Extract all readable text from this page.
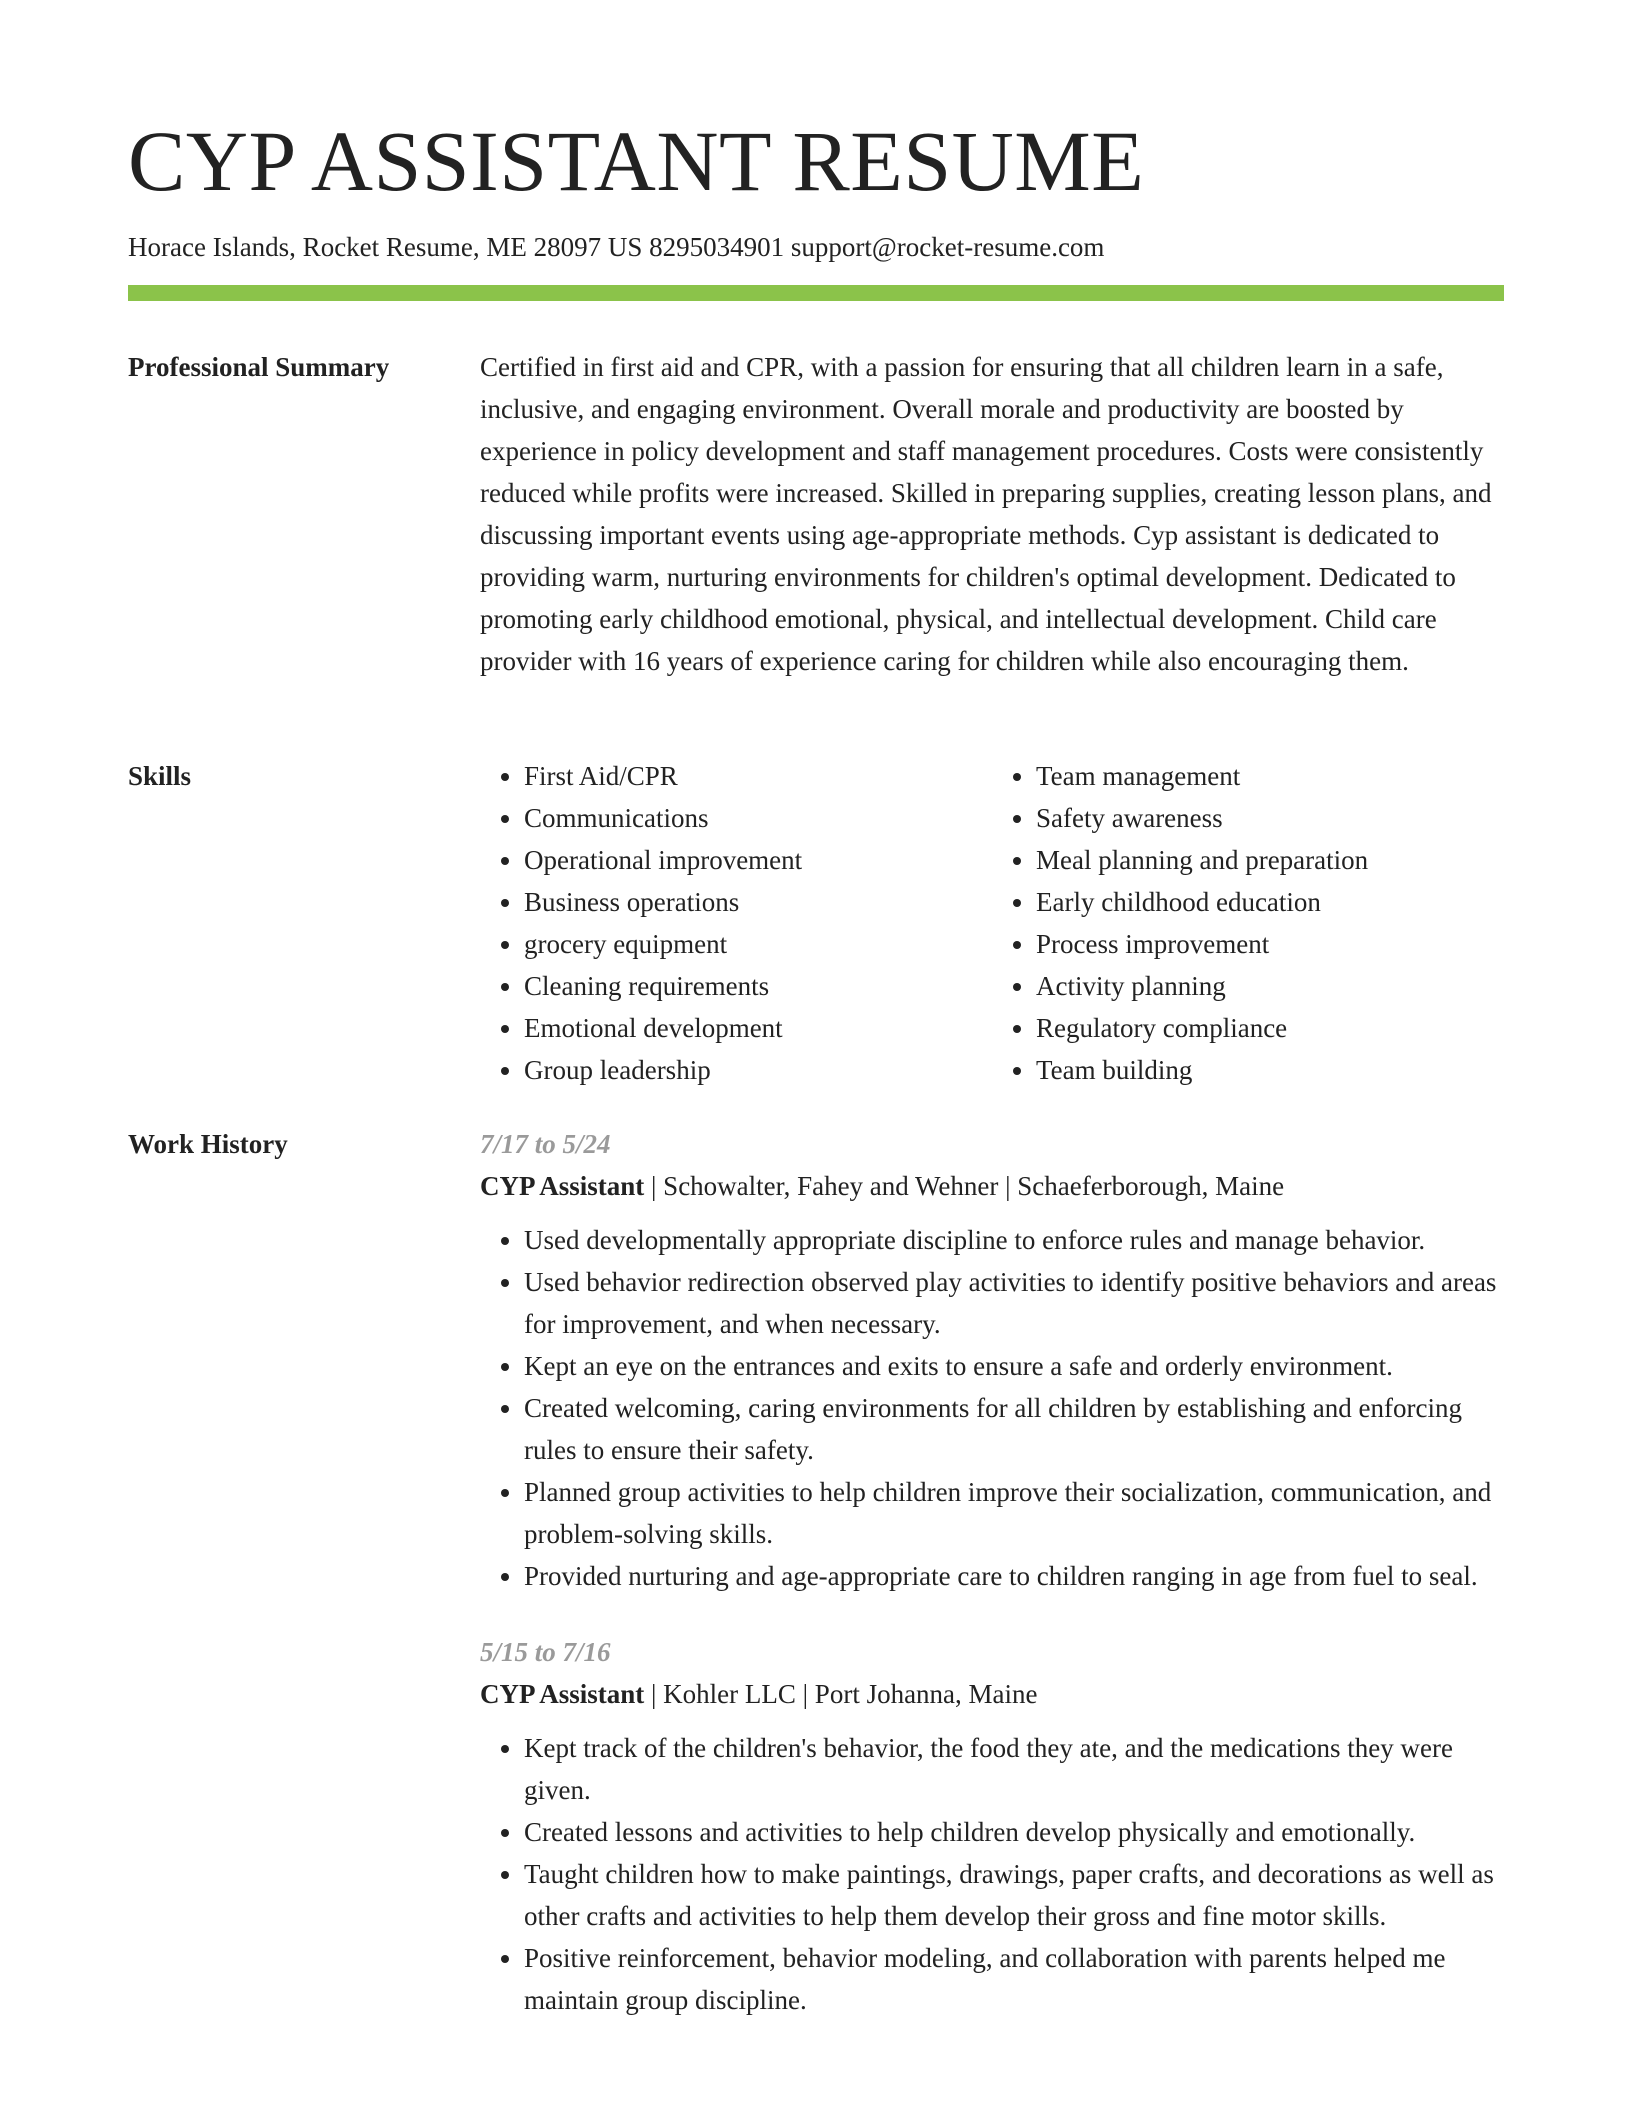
CYP ASSISTANT RESUME
Horace Islands, Rocket Resume, ME 28097 US 8295034901 support@rocket-resume.com
Professional Summary	Certified in first aid and CPR, with a passion for ensuring that all children learn in a safe, inclusive, and engaging environment. Overall morale and productivity are boosted by experience in policy development and staff management procedures. Costs were consistently reduced while profits were increased. Skilled in preparing supplies, creating lesson plans, and discussing important events using age-appropriate methods. Cyp assistant is dedicated to providing warm, nurturing environments for children's optimal development. Dedicated to promoting early childhood emotional, physical, and intellectual development. Child care provider with 16 years of experience caring for children while also encouraging them.

Skills
•	First Aid/CPR
• Communications
• Operational improvement
• Business operations
• grocery equipment
• Cleaning requirements
• Emotional development
• Group leadership
• Team management
• Safety awareness
• Meal planning and preparation
• Early childhood education
• Process improvement
• Activity planning
• Regulatory compliance
• Team building
Work History	7/17 to 5/24
CYP Assistant | Schowalter, Fahey and Wehner | Schaeferborough, Maine
• Used developmentally appropriate discipline to enforce rules and manage behavior.
• Used behavior redirection observed play activities to identify positive behaviors and areas for improvement, and when necessary.
• Kept an eye on the entrances and exits to ensure a safe and orderly environment.
• Created welcoming, caring environments for all children by establishing and enforcing rules to ensure their safety.
• Planned group activities to help children improve their socialization, communication, and problem-solving skills.
• Provided nurturing and age-appropriate care to children ranging in age from fuel to seal.
5/15 to 7/16
CYP Assistant | Kohler LLC | Port Johanna, Maine
• Kept track of the children's behavior, the food they ate, and the medications they were given.
• Created lessons and activities to help children develop physically and emotionally.
• Taught children how to make paintings, drawings, paper crafts, and decorations as well as other crafts and activities to help them develop their gross and fine motor skills.
• Positive reinforcement, behavior modeling, and collaboration with parents helped me maintain group discipline.
